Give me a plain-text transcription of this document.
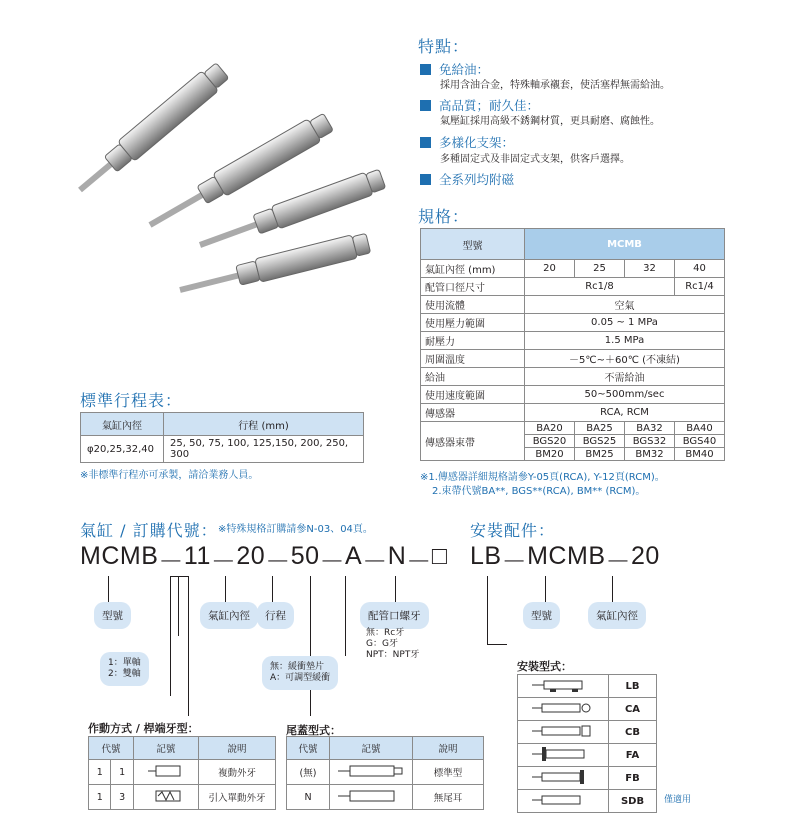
特點：
免給油：
採用含油合金，特殊軸承襯套，使活塞桿無需給油。
高品質；耐久佳：
氣壓缸採用高級不銹鋼材質，更具耐磨、腐蝕性。
多樣化支架：
多種固定式及非固定式支架，供客戶選擇。
全系列均附磁
規格：
型號	MCMB			
氣缸內徑 (mm)	20	25	32	40
配管口徑尺寸	Rc1/8			Rc1/4
使用流體	空氣			
使用壓力範圍	0.05 ~ 1 MPa			
耐壓力	1.5 MPa			
周圍溫度	－5℃~＋60℃ (不凍結)			
給油	不需給油			
使用速度範圍	50~500mm/sec			
傳感器	RCA, RCM			
傳感器束帶	BA20	BA25	BA32	BA40
	BGS20	BGS25	BGS32	BGS40
	BM20	BM25	BM32	BM40
※1.傳感器詳細規格請參Y-05頁(RCA), Y-12頁(RCM)。
2.束帶代號BA**, BGS**(RCA), BM** (RCM)。
標準行程表：
氣缸內徑	行程 (mm)
φ20,25,32,40	25, 50, 75, 100, 125,150, 200, 250, 300
※非標準行程亦可承製，請洽業務人員。
氣缸 / 訂購代號： ※特殊規格訂購請參N-03、04頁。
MCMB － 11 － 20 － 50 － A － N － □
型號	氣缸內徑	行程	配管口螺牙
無：Rc牙
G：G牙
NPT：NPT牙
1：單軸
2：雙軸
無：緩衝墊片
A：可調型緩衝
作動方式 / 桿端牙型：
代號		記號	說明
1	1		複動外牙
1	3		引入單動外牙
尾蓋型式：
代號	記號	說明
(無)		標準型
N		無尾耳
安裝配件：
LB － MCMB － 20
型號	氣缸內徑
安裝型式：
	LB
	CA
	CB
	FA
	FB
	SDB 僅適用
